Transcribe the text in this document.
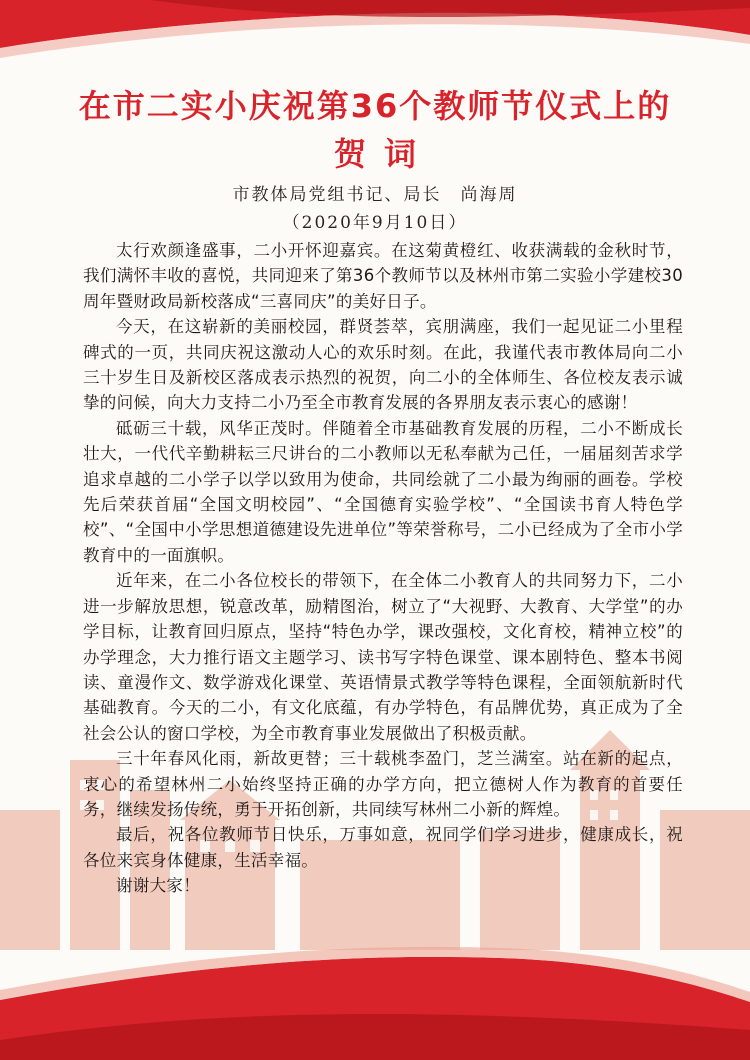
在市二实小庆祝第36个教师节仪式上的
贺词
市教体局党组书记、局长　尚海周
（2020年9月10日）

太行欢颜逢盛事，二小开怀迎嘉宾。在这菊黄橙红、收获满载的金秋时节，我们满怀丰收的喜悦，共同迎来了第36个教师节以及林州市第二实验小学建校30周年暨财政局新校落成“三喜同庆”的美好日子。

今天，在这崭新的美丽校园，群贤荟萃，宾朋满座，我们一起见证二小里程碑式的一页，共同庆祝这激动人心的欢乐时刻。在此，我谨代表市教体局向二小三十岁生日及新校区落成表示热烈的祝贺，向二小的全体师生、各位校友表示诚挚的问候，向大力支持二小乃至全市教育发展的各界朋友表示衷心的感谢！

砥砺三十载，风华正茂时。伴随着全市基础教育发展的历程，二小不断成长壮大，一代代辛勤耕耘三尺讲台的二小教师以无私奉献为己任，一届届刻苦求学追求卓越的二小学子以学以致用为使命，共同绘就了二小最为绚丽的画卷。学校先后荣获首届“全国文明校园”、“全国德育实验学校”、“全国读书育人特色学校”、“全国中小学思想道德建设先进单位”等荣誉称号，二小已经成为了全市小学教育中的一面旗帜。

近年来，在二小各位校长的带领下，在全体二小教育人的共同努力下，二小进一步解放思想，锐意改革，励精图治，树立了“大视野、大教育、大学堂”的办学目标，让教育回归原点，坚持“特色办学，课改强校，文化育校，精神立校”的办学理念，大力推行语文主题学习、读书写字特色课堂、课本剧特色、整本书阅读、童漫作文、数学游戏化课堂、英语情景式教学等特色课程，全面领航新时代基础教育。今天的二小，有文化底蕴，有办学特色，有品牌优势，真正成为了全社会公认的窗口学校，为全市教育事业发展做出了积极贡献。

三十年春风化雨，新故更替；三十载桃李盈门，芝兰满室。站在新的起点，衷心的希望林州二小始终坚持正确的办学方向，把立德树人作为教育的首要任务，继续发扬传统，勇于开拓创新，共同续写林州二小新的辉煌。

最后，祝各位教师节日快乐，万事如意，祝同学们学习进步，健康成长，祝各位来宾身体健康，生活幸福。

谢谢大家！
